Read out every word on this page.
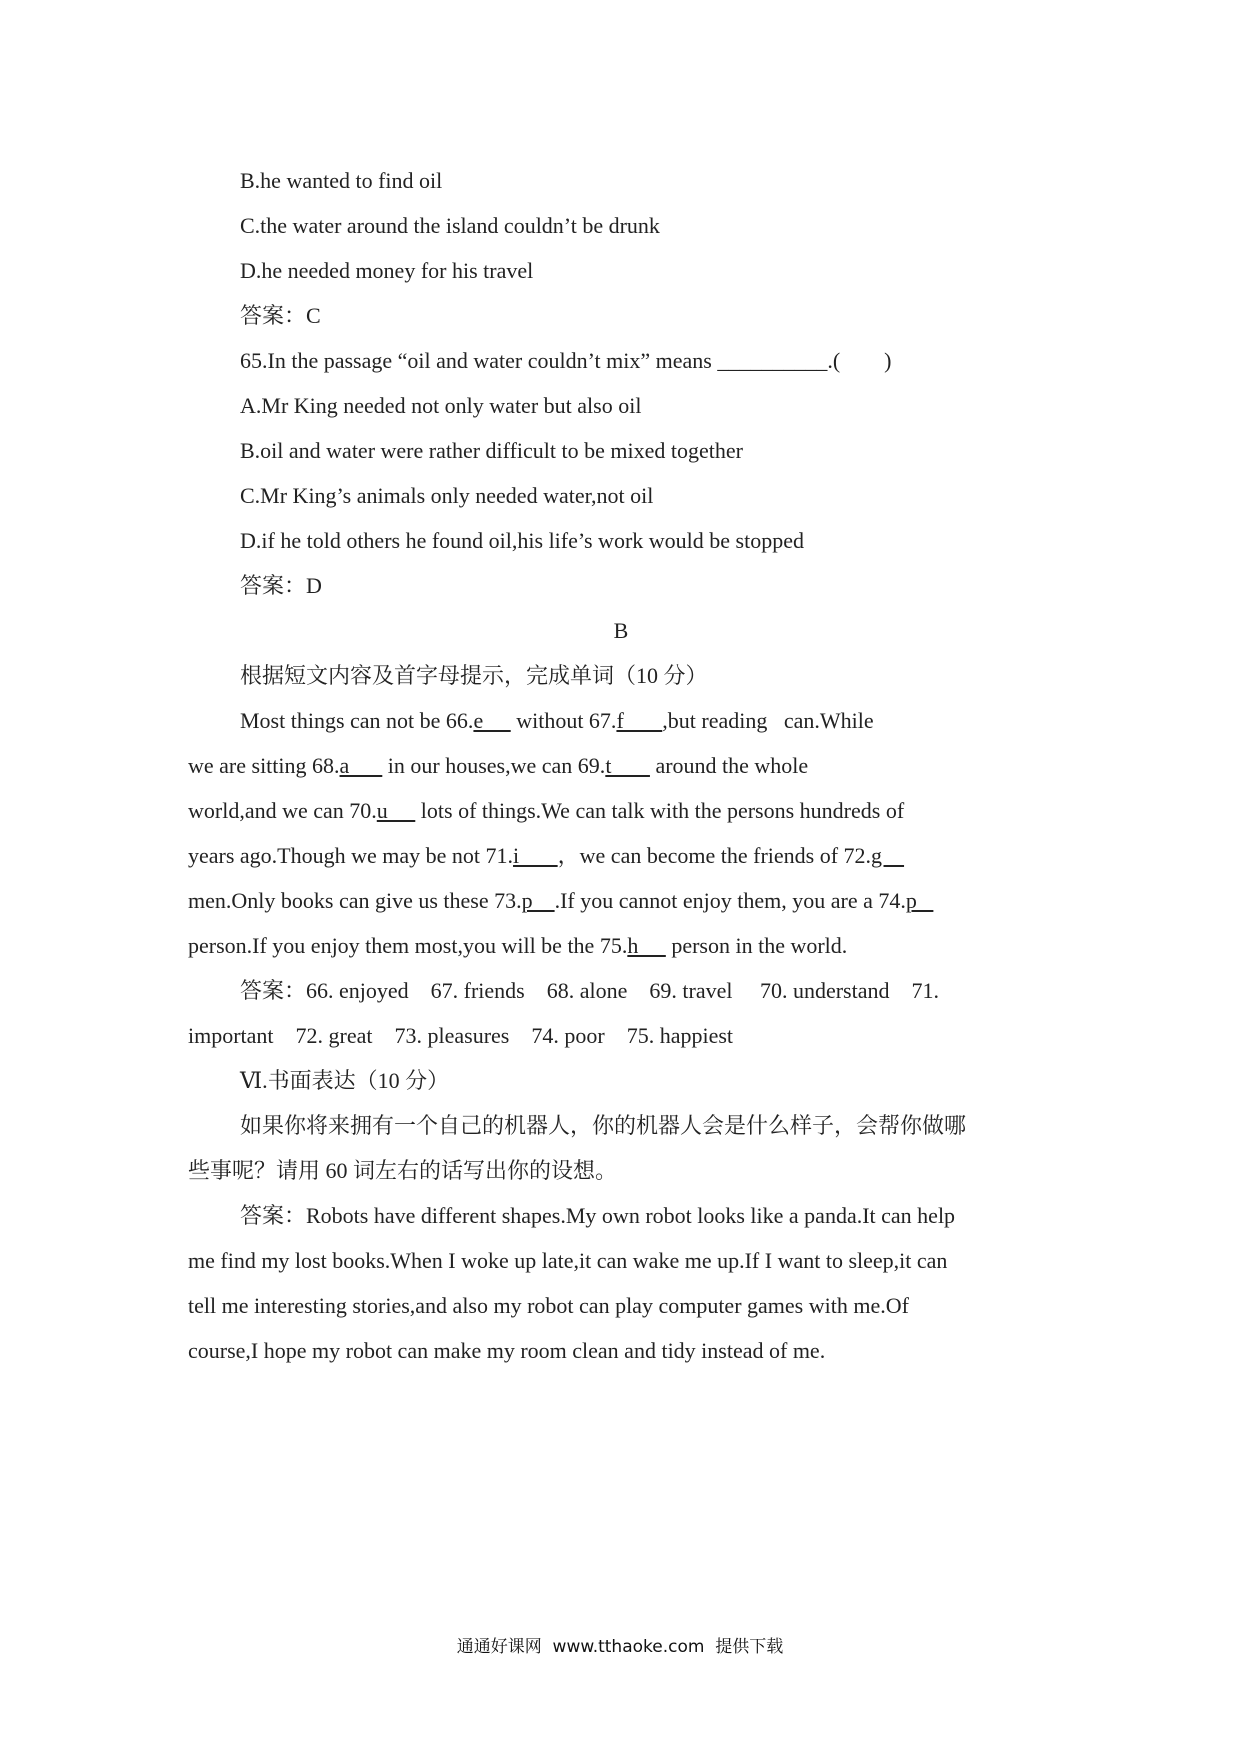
B.he wanted to find oil
C.the water around the island couldn’t be drunk
D.he needed money for his travel
答案：C
65.In the passage “oil and water couldn’t mix” means __________.(        )
A.Mr King needed not only water but also oil
B.oil and water were rather difficult to be mixed together
C.Mr King’s animals only needed water,not oil
D.if he told others he found oil,his life’s work would be stopped
答案：D
B
根据短文内容及首字母提示，完成单词（10 分）
Most things can not be 66.e      without 67.f       ,but reading   can.While
we are sitting 68.a       in our houses,we can 69.t        around the whole
world,and we can 70.u      lots of things.We can talk with the persons hundreds of
years ago.Though we may be not 71.i       ，we can become the friends of 72.g
men.Only books can give us these 73.p    .If you cannot enjoy them, you are a 74.p
person.If you enjoy them most,you will be the 75.h      person in the world.
答案：66. enjoyed    67. friends    68. alone    69. travel     70. understand    71.
important    72. great    73. pleasures    74. poor    75. happiest
Ⅵ.书面表达（10 分）
如果你将来拥有一个自己的机器人，你的机器人会是什么样子，会帮你做哪
些事呢？请用 60 词左右的话写出你的设想。
答案：Robots have different shapes.My own robot looks like a panda.It can help
me find my lost books.When I woke up late,it can wake me up.If I want to sleep,it can
tell me interesting stories,and also my robot can play computer games with me.Of
course,I hope my robot can make my room clean and tidy instead of me.
通通好课网  www.tthaoke.com  提供下载
